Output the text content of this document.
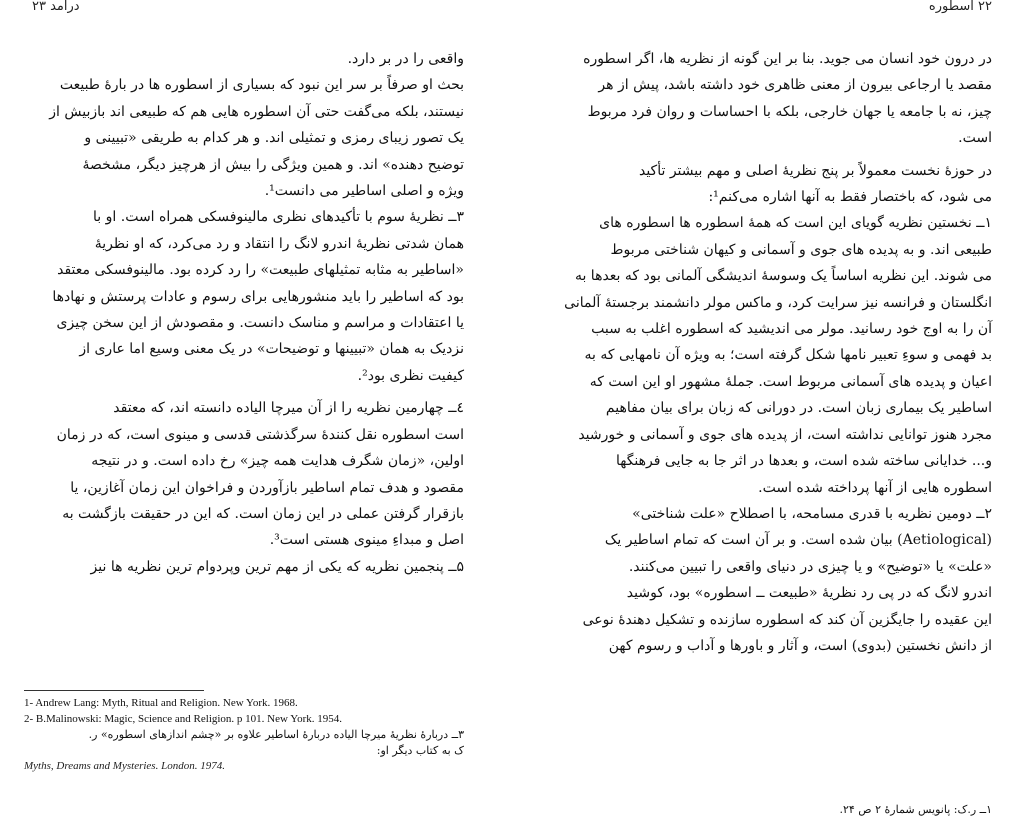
درآمد ۲۳	۲۲ اسطوره
در درون خود انسان می جوید. بنا بر این گونه از نظریه ها، اگر اسطوره
مقصد یا ارجاعی بیرون از معنی ظاهری خود داشته باشد، پیش از هر
چیز، نه با جامعه یا جهان خارجی، بلکه با احساسات و روان فرد مربوط
است.
در حوزهٔ نخست معمولاً بر پنج نظریهٔ اصلی و مهم بیشتر تأکید
می شود، که باختصار فقط به آنها اشاره می‌کنم¹:
۱ــ نخستین نظریه گویای این است که همهٔ اسطوره ها اسطوره های
طبیعی اند. و به پدیده های جوی و آسمانی و کیهان شناختی مربوط
می شوند. این نظریه اساساً یک وسوسهٔ اندیشگی آلمانی بود که بعدها به
انگلستان و فرانسه نیز سرایت کرد، و ماکس مولر دانشمند برجستهٔ آلمانی
آن را به اوج خود رسانید. مولر می اندیشید که اسطوره اغلب به سبب
بد فهمی و سوءِ تعبیر نامها شکل گرفته است؛ به ویژه آن نامهایی که به
اعیان و پدیده های آسمانی مربوط است. جملهٔ مشهور او این است که
اساطیر یک بیماری زبان است. در دورانی که زبان برای بیان مفاهیم
مجرد هنوز توانایی نداشته است، از پدیده های جوی و آسمانی و خورشید
و... خدایانی ساخته شده است، و بعدها در اثر جا به جایی فرهنگها
اسطوره هایی از آنها پرداخته شده است.
۲ــ دومین نظریه با قدری مسامحه، با اصطلاح «علت شناختی»
(Aetiological) بیان شده است. و بر آن است که تمام اساطیر یک
«علت» یا «توضیح» و یا چیزی در دنیای واقعی را تبیین می‌کنند.
اندرو لانگ که در پی رد نظریهٔ «طبیعت ــ اسطوره» بود، کوشید
این عقیده را جایگزین آن کند که اسطوره سازنده و تشکیل دهندهٔ نوعی
از دانش نخستین (بدوی) است، و آثار و باورها و آداب و رسوم کهن
۱ــ ر.ک: پانویس شمارهٔ ۲ ص ۲۴.
واقعی را در بر دارد.
بحث او صرفاً بر سر این نبود که بسیاری از اسطوره ها در بارهٔ طبیعت
نیستند، بلکه می‌گفت حتی آن اسطوره هایی هم که طبیعی اند بازبیش از
یک تصور زیبای رمزی و تمثیلی اند. و هر کدام به طریقی «تبیینی و
توضیح دهنده» اند. و همین ویژگی را بیش از هرچیز دیگر، مشخصهٔ
ویژه و اصلی اساطیر می دانست¹.
۳ــ نظریهٔ سوم با تأکیدهای نظری مالینوفسکی همراه است. او با
همان شدتی نظریهٔ اندرو لانگ را انتقاد و رد می‌کرد، که او نظریهٔ
«اساطیر به مثابه تمثیلهای طبیعت» را رد کرده بود. مالینوفسکی معتقد
بود که اساطیر را باید منشورهایی برای رسوم و عادات پرستش و نهادها
یا اعتقادات و مراسم و مناسک دانست. و مقصودش از این سخن چیزی
نزدیک به همان «تبیینها و توضیحات» در یک معنی وسیع اما عاری از
کیفیت نظری بود².
٤ــ چهارمین نظریه را از آن میرچا الیاده دانسته اند، که معتقد
است اسطوره نقل کنندهٔ سرگذشتی قدسی و مینوی است، که در زمان
اولین، «زمان شگرف هدایت همه چیز» رخ داده است. و در نتیجه
مقصود و هدف تمام اساطیر بازآوردن و فراخوان این زمان آغازین، یا
بازقرار گرفتن عملی در این زمان است. که این در حقیقت بازگشت به
اصل و مبداءِ مینوی هستی است³.
۵ــ پنجمین نظریه که یکی از مهم ترین وپردوام ترین نظریه ها نیز
1- Andrew Lang: Myth, Ritual and Religion. New York. 1968.
2- B.Malinowski: Magic, Science and Religion. p 101. New York. 1954.
۳ــ دربارهٔ نظریهٔ میرچا الیاده دربارهٔ اساطیر علاوه بر «چشم اندازهای اسطوره» ر.
ک به کتاب دیگر او:
Myths, Dreams and Mysteries. London. 1974.
